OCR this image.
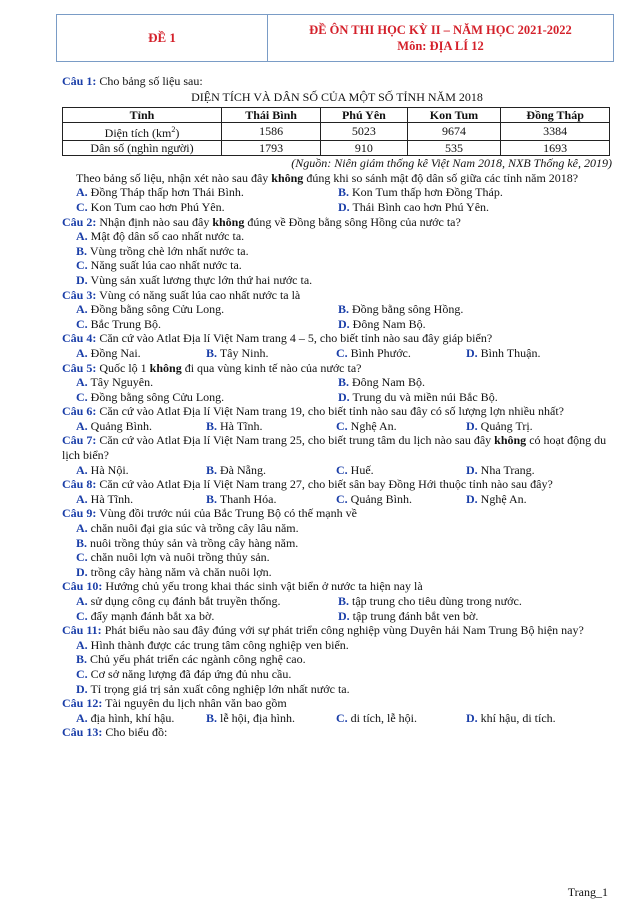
ĐỀ 1	ĐỀ ÔN THI HỌC KỲ II – NĂM HỌC 2021-2022
Môn: ĐỊA LÍ 12

Câu 1: Cho bảng số liệu sau:

DIỆN TÍCH VÀ DÂN SỐ CỦA MỘT SỐ TỈNH NĂM 2018
Tỉnh	Thái Bình	Phú Yên	Kon Tum	Đồng Tháp
Diện tích $(km^2)$	1586	5023	9674	3384
Dân số (nghìn người)	1793	910	535	1693
(Nguồn: Niên giám thống kê Việt Nam 2018, NXB Thống kê, 2019)

Theo bảng số liệu, nhận xét nào sau đây không đúng khi so sánh mật độ dân số giữa các tỉnh năm 2018?

A. Đồng Tháp thấp hơn Thái Bình.	B. Kon Tum thấp hơn Đồng Tháp.
C. Kon Tum cao hơn Phú Yên.	D. Thái Bình cao hơn Phú Yên.

Câu 2: Nhận định nào sau đây không đúng về Đồng bằng sông Hồng của nước ta?

A. Mật độ dân số cao nhất nước ta.
B. Vùng trồng chè lớn nhất nước ta.
C. Năng suất lúa cao nhất nước ta.
D. Vùng sản xuất lương thực lớn thứ hai nước ta.

Câu 3: Vùng có năng suất lúa cao nhất nước ta là

A. Đồng bằng sông Cửu Long.	B. Đồng bằng sông Hồng.
C. Bắc Trung Bộ.	D. Đông Nam Bộ.

Câu 4: Căn cứ vào Atlat Địa lí Việt Nam trang 4 – 5, cho biết tỉnh nào sau đây giáp biển?

A. Đồng Nai.	B. Tây Ninh.	C. Bình Phước.	D. Bình Thuận.

Câu 5: Quốc lộ 1 không đi qua vùng kinh tế nào của nước ta?

A. Tây Nguyên.	B. Đông Nam Bộ.
C. Đồng bằng sông Cửu Long.	D. Trung du và miền núi Bắc Bộ.

Câu 6: Căn cứ vào Atlat Địa lí Việt Nam trang 19, cho biết tỉnh nào sau đây có số lượng lợn nhiều nhất?

A. Quảng Bình.	B. Hà Tĩnh.	C. Nghệ An.	D. Quảng Trị.

Câu 7: Căn cứ vào Atlat Địa lí Việt Nam trang 25, cho biết trung tâm du lịch nào sau đây không có hoạt động du lịch biển?

A. Hà Nội.	B. Đà Nẵng.	C. Huế.	D. Nha Trang.

Câu 8: Căn cứ vào Atlat Địa lí Việt Nam trang 27, cho biết sân bay Đồng Hới thuộc tỉnh nào sau đây?

A. Hà Tĩnh.	B. Thanh Hóa.	C. Quảng Bình.	D. Nghệ An.

Câu 9: Vùng đồi trước núi của Bắc Trung Bộ có thế mạnh về

A. chăn nuôi đại gia súc và trồng cây lâu năm.
B. nuôi trồng thủy sản và trồng cây hàng năm.
C. chăn nuôi lợn và nuôi trồng thủy sản.
D. trồng cây hàng năm và chăn nuôi lợn.

Câu 10: Hướng chủ yếu trong khai thác sinh vật biển ở nước ta hiện nay là

A. sử dụng công cụ đánh bắt truyền thống.	B. tập trung cho tiêu dùng trong nước.
C. đẩy mạnh đánh bắt xa bờ.	D. tập trung đánh bắt ven bờ.

Câu 11: Phát biểu nào sau đây đúng với sự phát triển công nghiệp vùng Duyên hải Nam Trung Bộ hiện nay?

A. Hình thành được các trung tâm công nghiệp ven biển.
B. Chủ yếu phát triển các ngành công nghệ cao.
C. Cơ sở năng lượng đã đáp ứng đủ nhu cầu.
D. Tỉ trọng giá trị sản xuất công nghiệp lớn nhất nước ta.

Câu 12: Tài nguyên du lịch nhân văn bao gồm

A. địa hình, khí hậu.	B. lễ hội, địa hình.	C. di tích, lễ hội.	D. khí hậu, di tích.

Câu 13: Cho biểu đồ:

Trang_1
